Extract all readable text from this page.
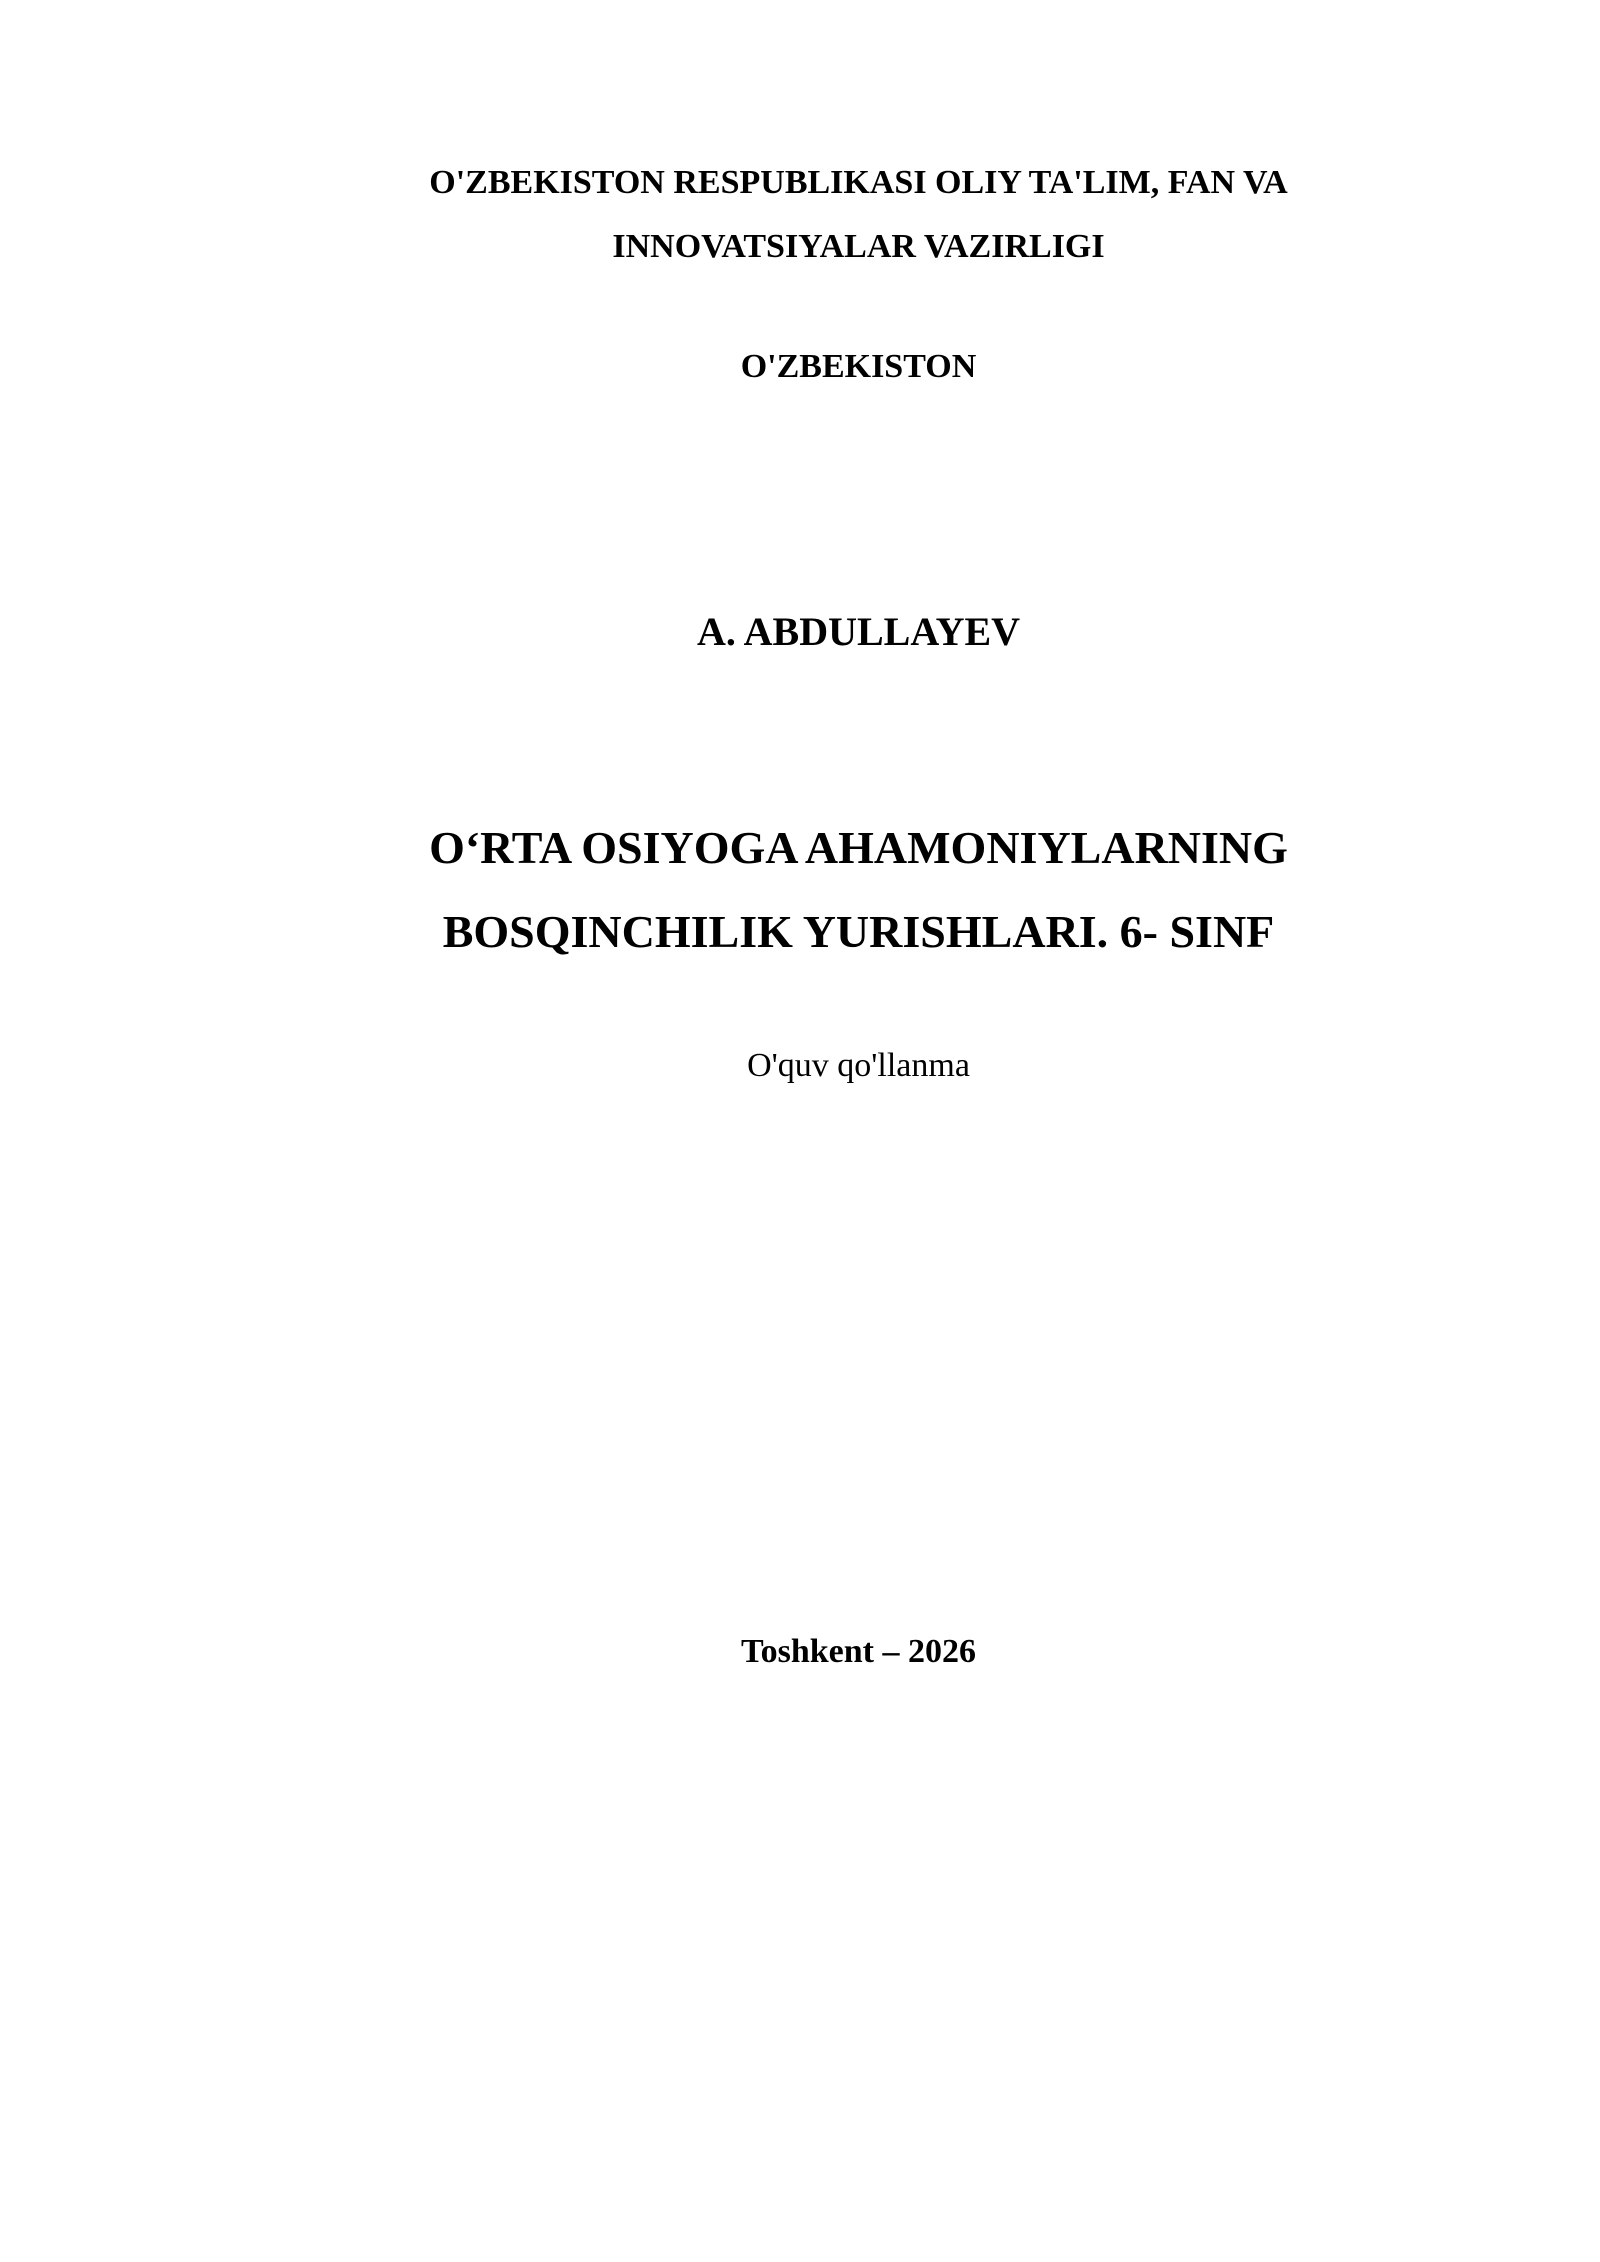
O'ZBEKISTON RESPUBLIKASI OLIY TA'LIM, FAN VA
INNOVATSIYALAR VAZIRLIGI
O'ZBEKISTON
A. ABDULLAYEV
O‘RTA OSIYOGA AHAMONIYLARNING
BOSQINCHILIK YURISHLARI. 6- SINF
O'quv qo'llanma
Toshkent – 2026
